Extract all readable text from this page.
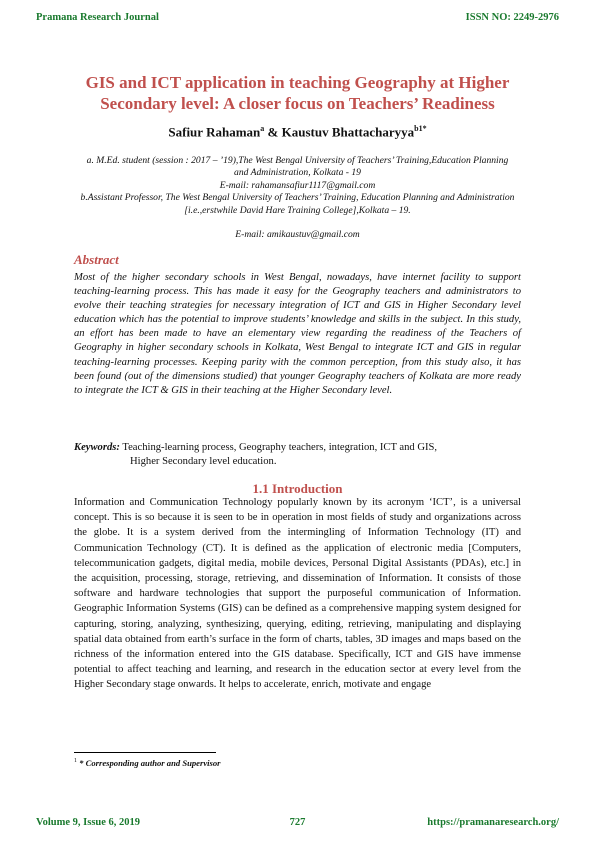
Pramana Research Journal	ISSN NO: 2249-2976
GIS and ICT application in teaching Geography at Higher Secondary level: A closer focus on Teachers’ Readiness
Safiur Rahaman$^a$ & Kaustuv Bhattacharyya$^{b1*}$

a. M.Ed. student (session : 2017 – ’19),The West Bengal University of Teachers’ Training,Education Planning and Administration, Kolkata - 19

E-mail: rahamansafiur1117@gmail.com

b.Assistant Professor, The West Bengal University of Teachers’ Training, Education Planning and Administration [i.e.,erstwhile David Hare Training College],Kolkata – 19.

E-mail: amikaustuv@gmail.com
Abstract

Most of the higher secondary schools in West Bengal, nowadays, have internet facility to support teaching-learning process. This has made it easy for the Geography teachers and administrators to evolve their teaching strategies for necessary integration of ICT and GIS in Higher Secondary level education which has the potential to improve students’ knowledge and skills in the subject. In this study, an effort has been made to have an elementary view regarding the readiness of the Teachers of Geography in higher secondary schools in Kolkata, West Bengal to integrate ICT and GIS in regular teaching-learning processes. Keeping parity with the common perception, from this study also, it has been found (out of the dimensions studied) that younger Geography teachers of Kolkata are more ready to integrate the ICT & GIS in their teaching at the Higher Secondary level.

Keywords: Teaching-learning process, Geography teachers, integration, ICT and GIS,
Higher Secondary level education.
1.1 Introduction

Information and Communication Technology popularly known by its acronym ‘ICT’, is a universal concept. This is so because it is seen to be in operation in most fields of study and organizations across the globe. It is a system derived from the intermingling of Information Technology (IT) and Communication Technology (CT). It is defined as the application of electronic media [Computers, telecommunication gadgets, digital media, mobile devices, Personal Digital Assistants (PDAs), etc.] in the acquisition, processing, storage, retrieving, and dissemination of Information. It consists of those software and hardware technologies that support the purposeful communication of Information. Geographic Information Systems (GIS) can be defined as a comprehensive mapping system designed for capturing, storing, analyzing, synthesizing, querying, editing, retrieving, manipulating and displaying spatial data obtained from earth’s surface in the form of charts, tables, 3D images and maps based on the richness of the information entered into the GIS database. Specifically, ICT and GIS have immense potential to affect teaching and learning, and research in the education sector at every level from the Higher Secondary stage onwards. It helps to accelerate, enrich, motivate and engage

$^1$ * Corresponding author and Supervisor
Volume 9, Issue 6, 2019	727	https://pramanaresearch.org/
